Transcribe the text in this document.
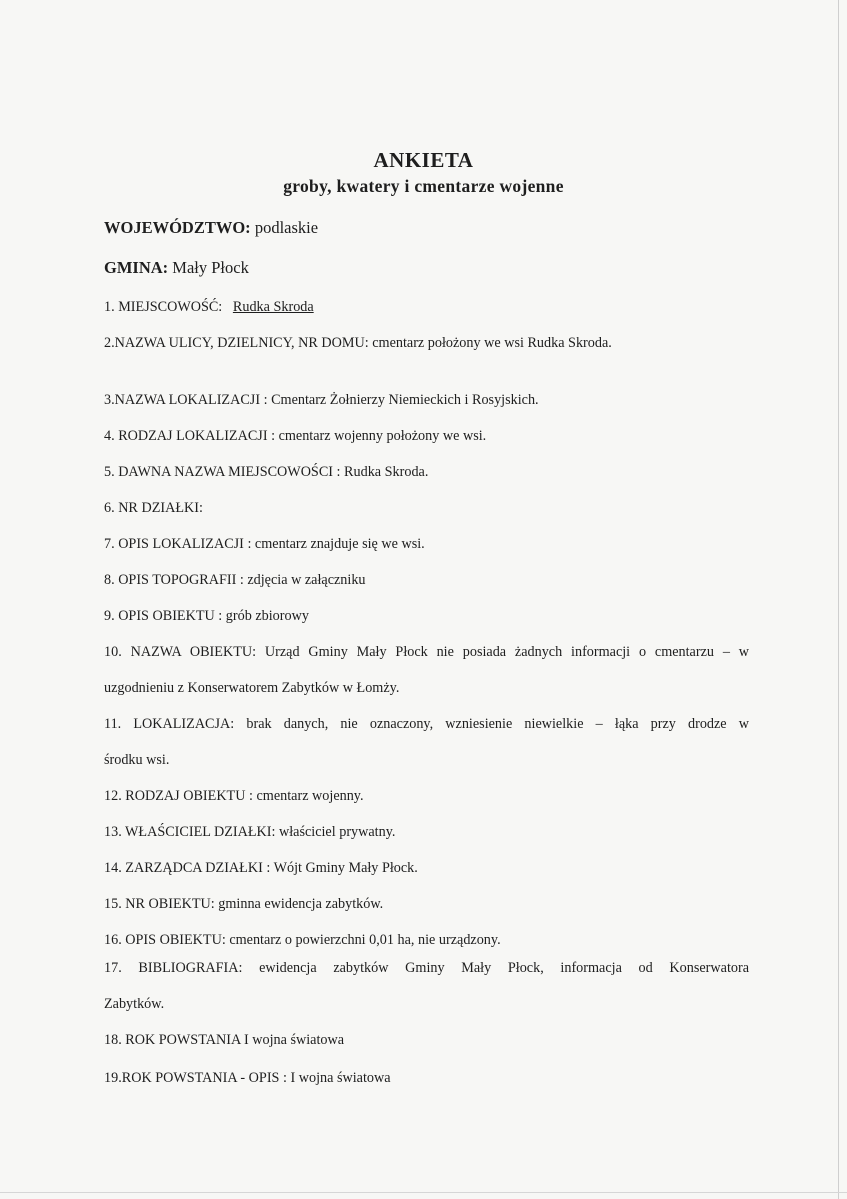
ANKIETA
groby, kwatery i cmentarze wojenne
WOJEWÓDZTWO: podlaskie
GMINA: Mały Płock
1. MIEJSCOWOŚĆ: Rudka Skroda
2.NAZWA ULICY, DZIELNICY, NR DOMU: cmentarz położony we wsi Rudka Skroda.
3.NAZWA LOKALIZACJI : Cmentarz Żołnierzy Niemieckich i Rosyjskich.
4. RODZAJ LOKALIZACJI : cmentarz wojenny położony we wsi.
5. DAWNA NAZWA MIEJSCOWOŚCI : Rudka Skroda.
6. NR DZIAŁKI:
7. OPIS LOKALIZACJI : cmentarz znajduje się we wsi.
8. OPIS TOPOGRAFII : zdjęcia w załączniku
9. OPIS OBIEKTU : grób zbiorowy
10. NAZWA OBIEKTU: Urząd Gminy Mały Płock nie posiada żadnych informacji o cmentarzu – w
uzgodnieniu z Konserwatorem Zabytków w Łomży.
11. LOKALIZACJA: brak danych, nie oznaczony, wzniesienie niewielkie – łąka przy drodze w
środku wsi.
12. RODZAJ OBIEKTU : cmentarz wojenny.
13. WŁAŚCICIEL DZIAŁKI: właściciel prywatny.
14. ZARZĄDCA DZIAŁKI : Wójt Gminy Mały Płock.
15. NR OBIEKTU: gminna ewidencja zabytków.
16. OPIS OBIEKTU: cmentarz o powierzchni 0,01 ha, nie urządzony.
17. BIBLIOGRAFIA: ewidencja zabytków Gminy Mały Płock, informacja od Konserwatora
Zabytków.
18. ROK POWSTANIA I wojna światowa
19.ROK POWSTANIA - OPIS : I wojna światowa
